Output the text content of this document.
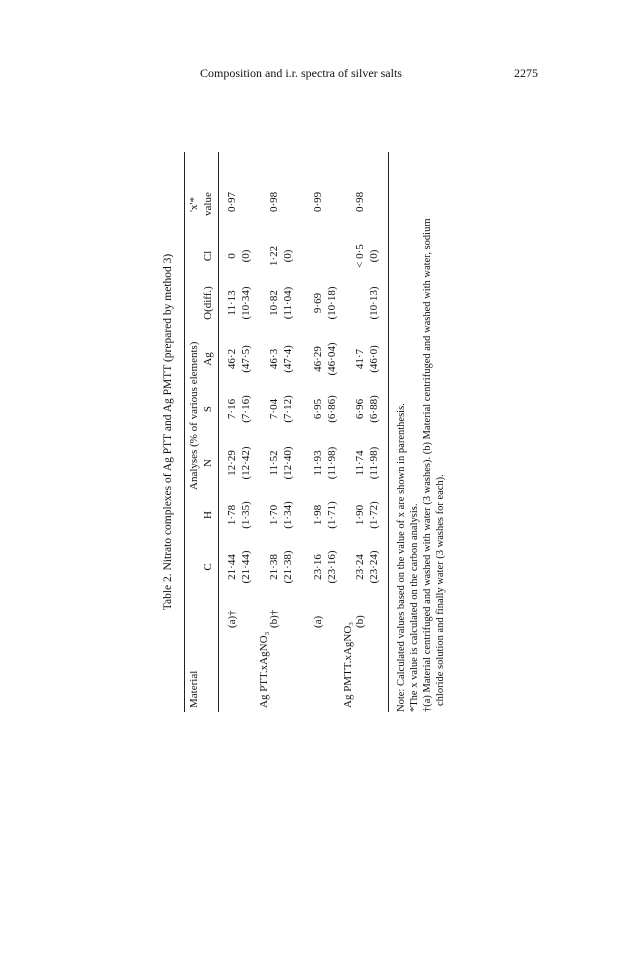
Composition and i.r. spectra of silver salts	2275
Table 2. Nitrato complexes of Ag PTT and Ag PMTT (prepared by method 3)
Material
Analyses (% of various elements)
'x'* value
C
H
N
S
Ag
O(diff.)
Cl
(a)†
21·44
1·78
12·29
7·16
46·2
11·13
0
0·97
(21·44)
(1·35)
(12·42)
(7·16)
(47·5)
(10·34)
(0)
Ag PTT.xAgNO₃
(b)†
21·38
1·70
11·52
7·04
46·3
10·82
1·22
0·98
(21·38)
(1·34)
(12·40)
(7·12)
(47·4)
(11·04)
(0)
(a)
23·16
1·98
11·93
6·95
46·29
9·69
0·99
(23·16)
(1·71)
(11·98)
(6·86)
(46·04)
(10·18)
Ag PMTT.xAgNO₃
(b)
23·24
1·90
11·74
6·96
41·7
< 0·5
0·98
(23·24)
(1·72)
(11·98)
(6·88)
(46·0)
(10·13)
(0)
Note: Calculated values based on the value of x are shown in parenthesis. *The x value is calculated on the carbon analysis. †(a) Material centrifuged and washed with water (3 washes). (b) Material centrifuged and washed with water, sodium chloride solution and finally water (3 washes for each).
